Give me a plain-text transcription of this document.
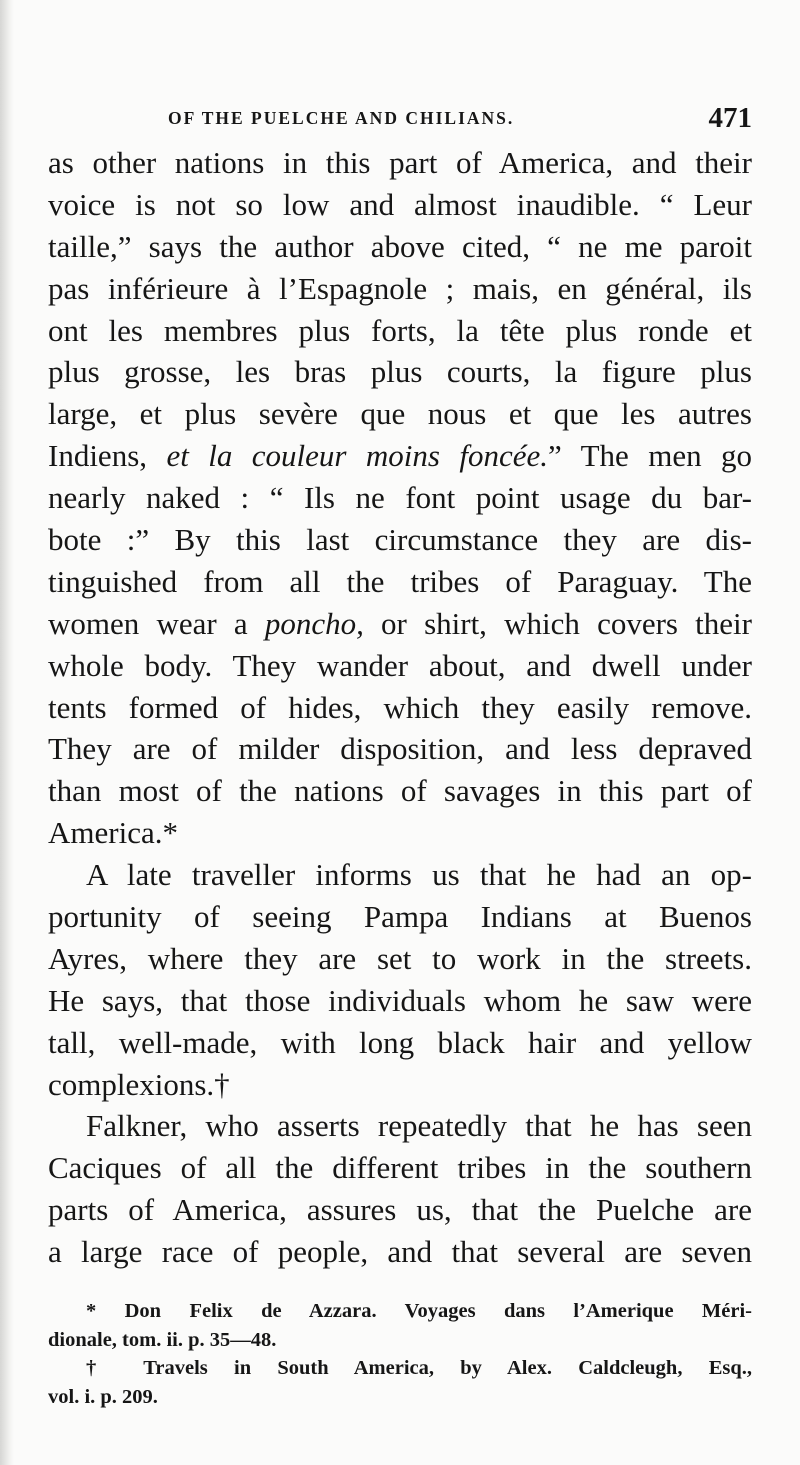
OF THE PUELCHE AND CHILIANS.	471
as other nations in this part of America, and their
voice is not so low and almost inaudible. “ Leur
taille,” says the author above cited, “ ne me paroit
pas inférieure à l’Espagnole ; mais, en général, ils
ont les membres plus forts, la tête plus ronde et
plus grosse, les bras plus courts, la figure plus
large, et plus sevère que nous et que les autres
Indiens, et la couleur moins foncée.” The men go
nearly naked : “ Ils ne font point usage du bar-
bote :” By this last circumstance they are dis-
tinguished from all the tribes of Paraguay. The
women wear a poncho, or shirt, which covers their
whole body. They wander about, and dwell under
tents formed of hides, which they easily remove.
They are of milder disposition, and less depraved
than most of the nations of savages in this part of
America.*
A late traveller informs us that he had an op-
portunity of seeing Pampa Indians at Buenos
Ayres, where they are set to work in the streets.
He says, that those individuals whom he saw were
tall, well-made, with long black hair and yellow
complexions.†
Falkner, who asserts repeatedly that he has seen
Caciques of all the different tribes in the southern
parts of America, assures us, that the Puelche are
a large race of people, and that several are seven
* Don Felix de Azzara. Voyages dans l’Amerique Méri-
dionale, tom. ii. p. 35—48.
† Travels in South America, by Alex. Caldcleugh, Esq.,
vol. i. p. 209.
